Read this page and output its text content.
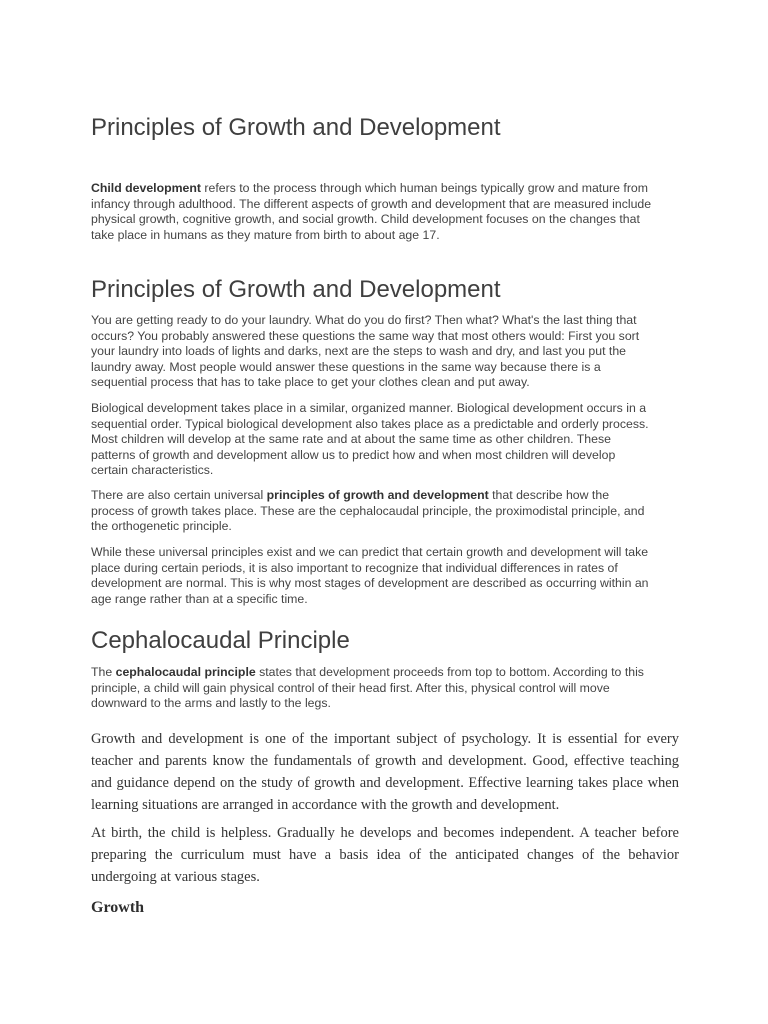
Principles of Growth and Development

Child development refers to the process through which human beings typically grow and mature from infancy through adulthood. The different aspects of growth and development that are measured include physical growth, cognitive growth, and social growth. Child development focuses on the changes that take place in humans as they mature from birth to about age 17.

Principles of Growth and Development

You are getting ready to do your laundry. What do you do first? Then what? What's the last thing that occurs? You probably answered these questions the same way that most others would: First you sort your laundry into loads of lights and darks, next are the steps to wash and dry, and last you put the laundry away. Most people would answer these questions in the same way because there is a sequential process that has to take place to get your clothes clean and put away.

Biological development takes place in a similar, organized manner. Biological development occurs in a sequential order. Typical biological development also takes place as a predictable and orderly process. Most children will develop at the same rate and at about the same time as other children. These patterns of growth and development allow us to predict how and when most children will develop certain characteristics.

There are also certain universal principles of growth and development that describe how the process of growth takes place. These are the cephalocaudal principle, the proximodistal principle, and the orthogenetic principle.

While these universal principles exist and we can predict that certain growth and development will take place during certain periods, it is also important to recognize that individual differences in rates of development are normal. This is why most stages of development are described as occurring within an age range rather than at a specific time.

Cephalocaudal Principle

The cephalocaudal principle states that development proceeds from top to bottom. According to this principle, a child will gain physical control of their head first. After this, physical control will move downward to the arms and lastly to the legs.

Growth and development is one of the important subject of psychology. It is essential for every teacher and parents know the fundamentals of growth and development. Good, effective teaching and guidance depend on the study of growth and development. Effective learning takes place when learning situations are arranged in accordance with the growth and development.

At birth, the child is helpless. Gradually he develops and becomes independent. A teacher before preparing the curriculum must have a basis idea of the anticipated changes of the behavior undergoing at various stages.

Growth
